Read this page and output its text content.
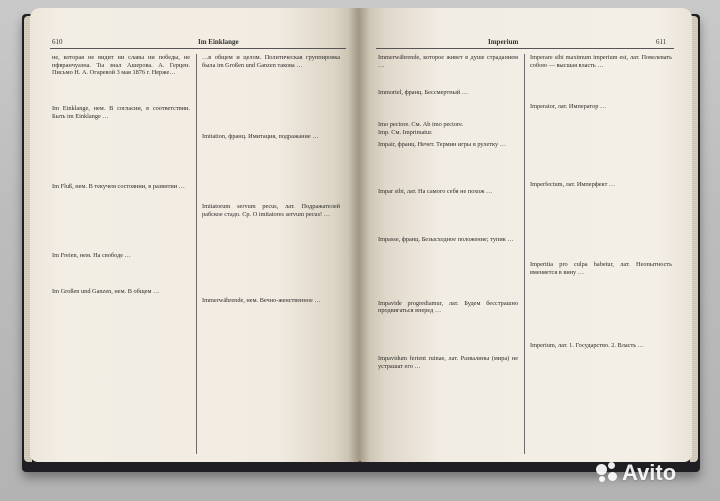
610	Im Einklange

не, которая не видит ни славы ни победы, не пфвранчуазна. Ты знал Ашерова. А. Герцен. Письмо Н. А. Огаревой 3 мая 1876 г. Нерже…

Im Einklange, нем. В согласии, в соответствии. Быть im Einklange …

Im Fluß, нем. В текучем состоянии, в развитии …

Im Freien, нем. На свободе …

Im Großen und Ganzen, нем. В общем …

…в общем и целом. Политическая группировка была im Großen und Ganzen такова …

Imitation, франц. Имитация, подражание …

Imitatorum servum pecus, лат. Подражателей рабское стадо. Ср. О imitatores servum pecus! …

Immerwährende, нем. Вечно-женственное …

Imperium	611

Immerwährende, которое живет в душе страданием …

Immortel, франц. Бессмертный …

Imo pectore. См. Ab imo pectore.

Imp. См. Imprimatur.

Impair, франц. Нечет. Термин игры в рулетку …

Impar sibi, лат. На самого себя не похож …

Impasse, франц. Безысходное положение; тупик …

Impavide progrediamur, лат. Будем бесстрашно продвигаться вперед …

Impavidum ferient ruinae, лат. Развалины (мира) не устрашат его …

Imperare sibi maximum imperium est, лат. Повелевать собою — высшая власть …

Imperator, лат. Император …

Imperfectum, лат. Имперфект …

Imperitia pro culpa habetur, лат. Неопытность вменяется в вину …

Imperium, лат. 1. Государство. 2. Власть …

Avito
